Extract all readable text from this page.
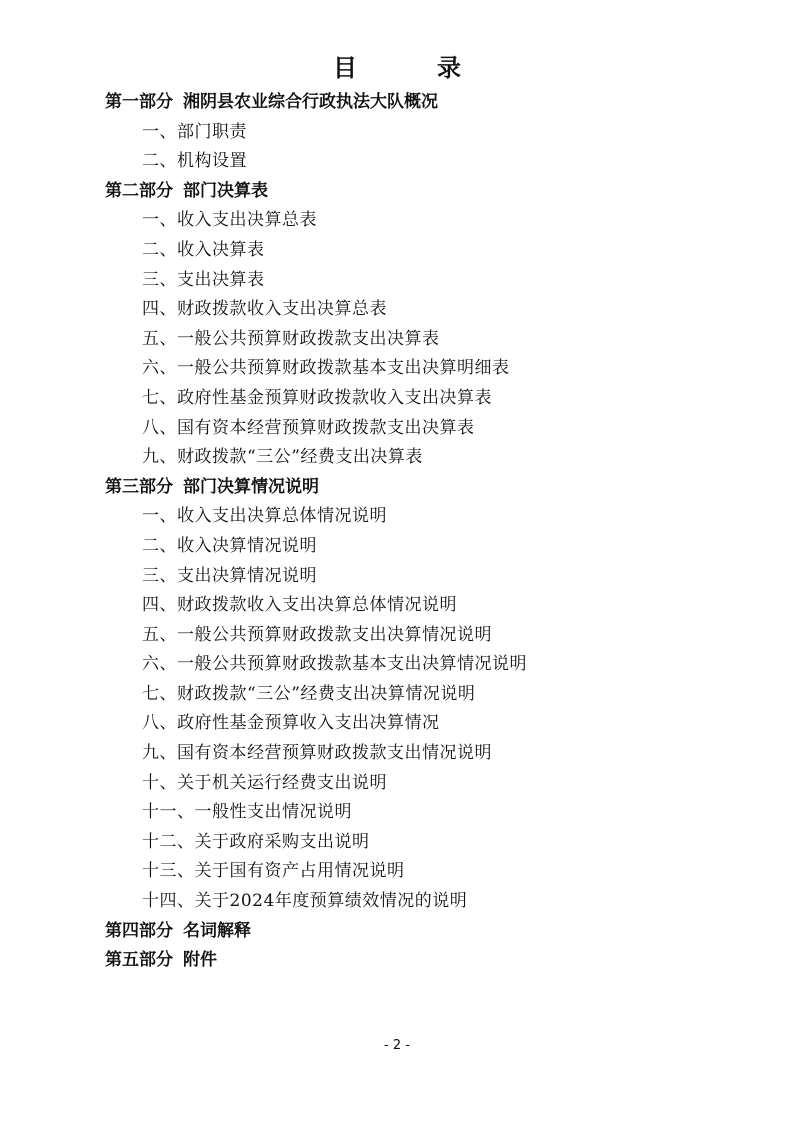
目　录
第一部分 湘阴县农业综合行政执法大队概况
一、部门职责
二、机构设置
第二部分 部门决算表
一、收入支出决算总表
二、收入决算表
三、支出决算表
四、财政拨款收入支出决算总表
五、一般公共预算财政拨款支出决算表
六、一般公共预算财政拨款基本支出决算明细表
七、政府性基金预算财政拨款收入支出决算表
八、国有资本经营预算财政拨款支出决算表
九、财政拨款“三公”经费支出决算表
第三部分 部门决算情况说明
一、收入支出决算总体情况说明
二、收入决算情况说明
三、支出决算情况说明
四、财政拨款收入支出决算总体情况说明
五、一般公共预算财政拨款支出决算情况说明
六、一般公共预算财政拨款基本支出决算情况说明
七、财政拨款“三公”经费支出决算情况说明
八、政府性基金预算收入支出决算情况
九、国有资本经营预算财政拨款支出情况说明
十、关于机关运行经费支出说明
十一、一般性支出情况说明
十二、关于政府采购支出说明
十三、关于国有资产占用情况说明
十四、关于2024年度预算绩效情况的说明
第四部分 名词解释
第五部分 附件
- 2 -
